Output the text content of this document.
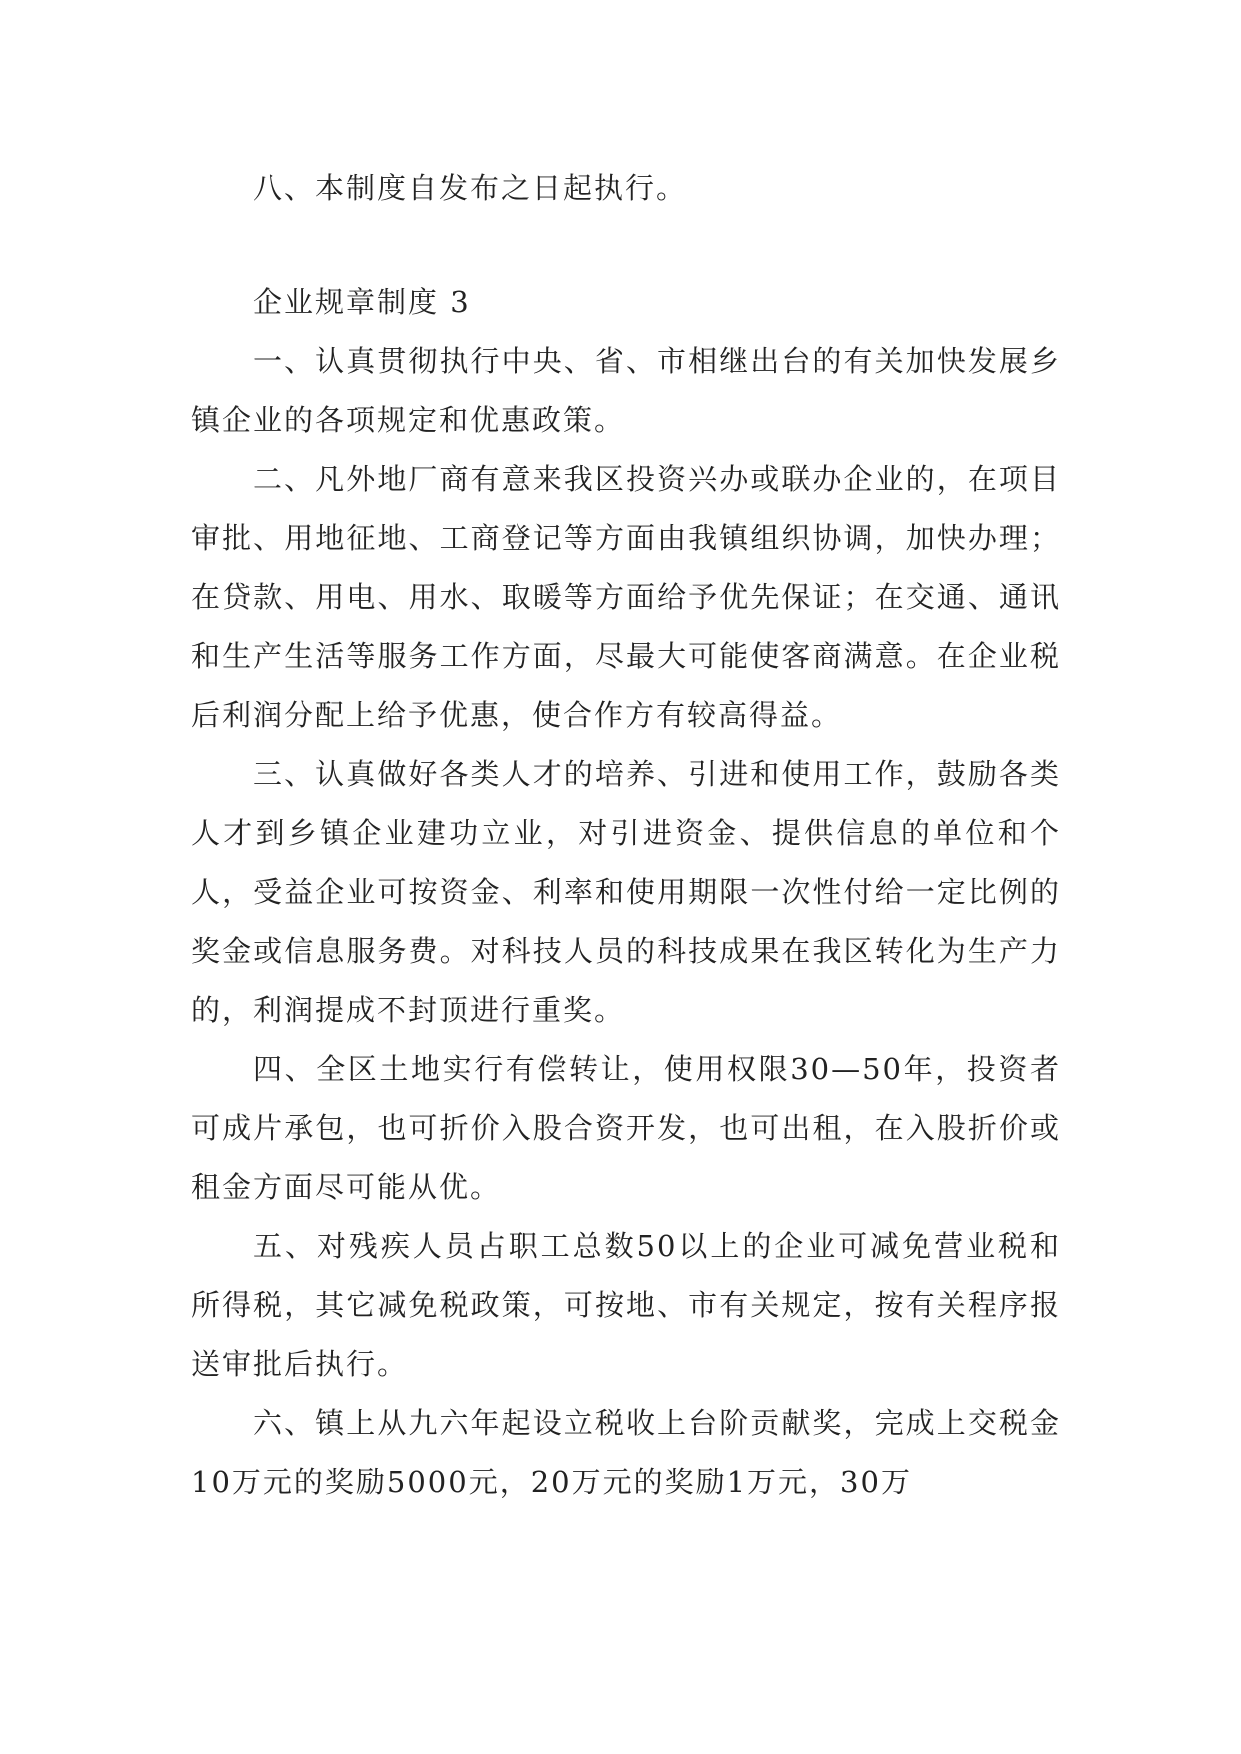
八、本制度自发布之日起执行。

企业规章制度 3

一、认真贯彻执行中央、省、市相继出台的有关加快发展乡镇企业的各项规定和优惠政策。

二、凡外地厂商有意来我区投资兴办或联办企业的，在项目审批、用地征地、工商登记等方面由我镇组织协调，加快办理；在贷款、用电、用水、取暖等方面给予优先保证；在交通、通讯和生产生活等服务工作方面，尽最大可能使客商满意。在企业税后利润分配上给予优惠，使合作方有较高得益。

三、认真做好各类人才的培养、引进和使用工作，鼓励各类人才到乡镇企业建功立业，对引进资金、提供信息的单位和个人，受益企业可按资金、利率和使用期限一次性付给一定比例的奖金或信息服务费。对科技人员的科技成果在我区转化为生产力的，利润提成不封顶进行重奖。

四、全区土地实行有偿转让，使用权限30—50年，投资者可成片承包，也可折价入股合资开发，也可出租，在入股折价或租金方面尽可能从优。

五、对残疾人员占职工总数50以上的企业可减免营业税和所得税，其它减免税政策，可按地、市有关规定，按有关程序报送审批后执行。

六、镇上从九六年起设立税收上台阶贡献奖，完成上交税金10万元的奖励5000元，20万元的奖励1万元，30万
